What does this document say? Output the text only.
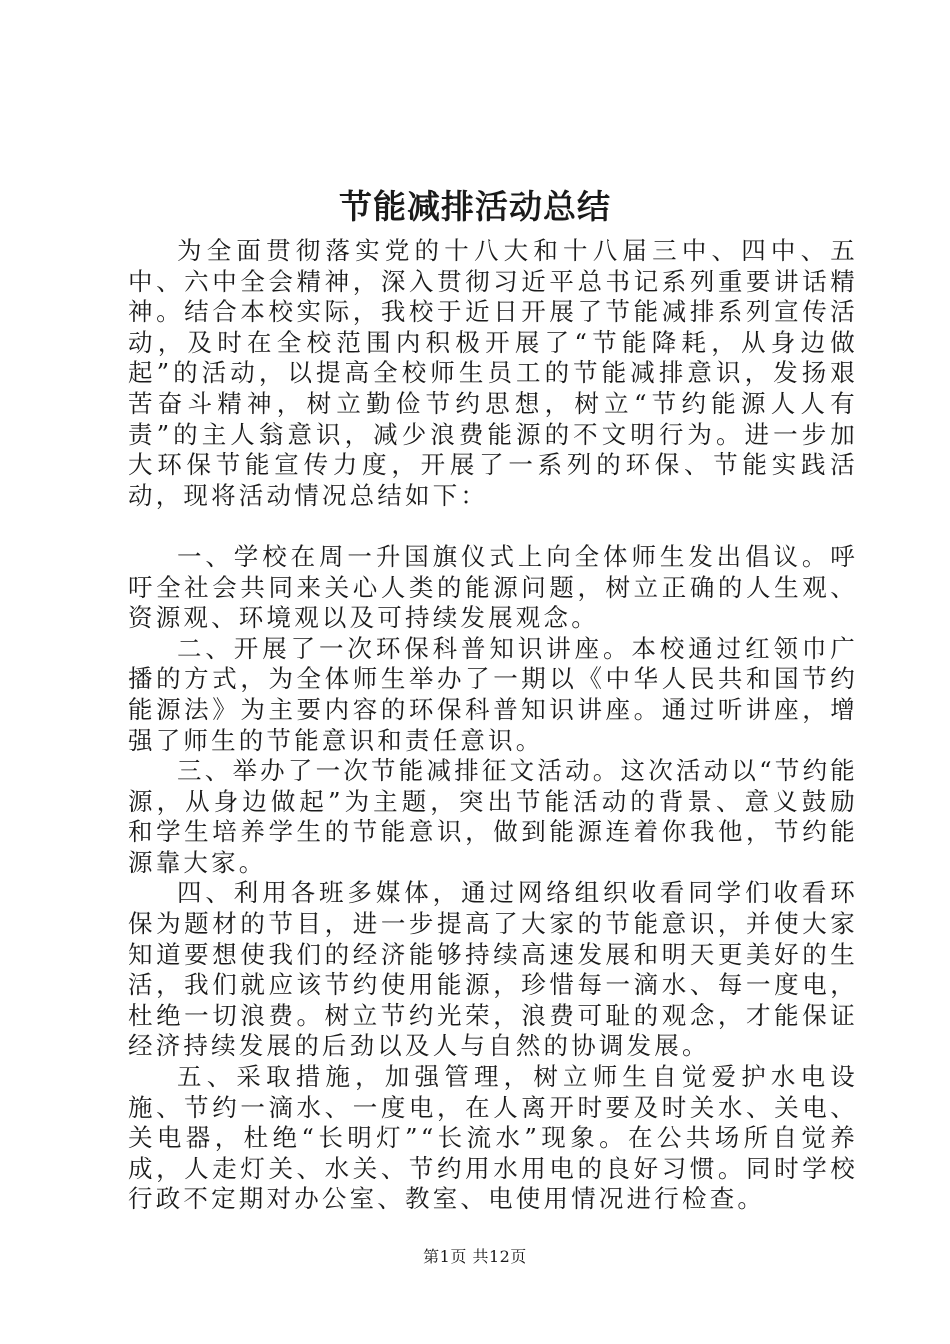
节能减排活动总结

为全面贯彻落实党的十八大和十八届三中、四中、五中、六中全会精神，深入贯彻习近平总书记系列重要讲话精神。结合本校实际，我校于近日开展了节能减排系列宣传活动，及时在全校范围内积极开展了“节能降耗，从身边做起”的活动，以提高全校师生员工的节能减排意识，发扬艰苦奋斗精神，树立勤俭节约思想，树立“节约能源人人有责”的主人翁意识，减少浪费能源的不文明行为。进一步加大环保节能宣传力度，开展了一系列的环保、节能实践活动，现将活动情况总结如下：

一、学校在周一升国旗仪式上向全体师生发出倡议。呼吁全社会共同来关心人类的能源问题，树立正确的人生观、资源观、环境观以及可持续发展观念。

二、开展了一次环保科普知识讲座。本校通过红领巾广播的方式，为全体师生举办了一期以《中华人民共和国节约能源法》为主要内容的环保科普知识讲座。通过听讲座，增强了师生的节能意识和责任意识。

三、举办了一次节能减排征文活动。这次活动以“节约能源，从身边做起”为主题，突出节能活动的背景、意义鼓励和学生培养学生的节能意识，做到能源连着你我他，节约能源靠大家。

四、利用各班多媒体，通过网络组织收看同学们收看环保为题材的节目，进一步提高了大家的节能意识，并使大家知道要想使我们的经济能够持续高速发展和明天更美好的生活，我们就应该节约使用能源，珍惜每一滴水、每一度电，杜绝一切浪费。树立节约光荣，浪费可耻的观念，才能保证经济持续发展的后劲以及人与自然的协调发展。

五、采取措施，加强管理，树立师生自觉爱护水电设施、节约一滴水、一度电，在人离开时要及时关水、关电、关电器，杜绝“长明灯”“长流水”现象。在公共场所自觉养成，人走灯关、水关、节约用水用电的良好习惯。同时学校行政不定期对办公室、教室、电使用情况进行检查。

第1页 共12页
